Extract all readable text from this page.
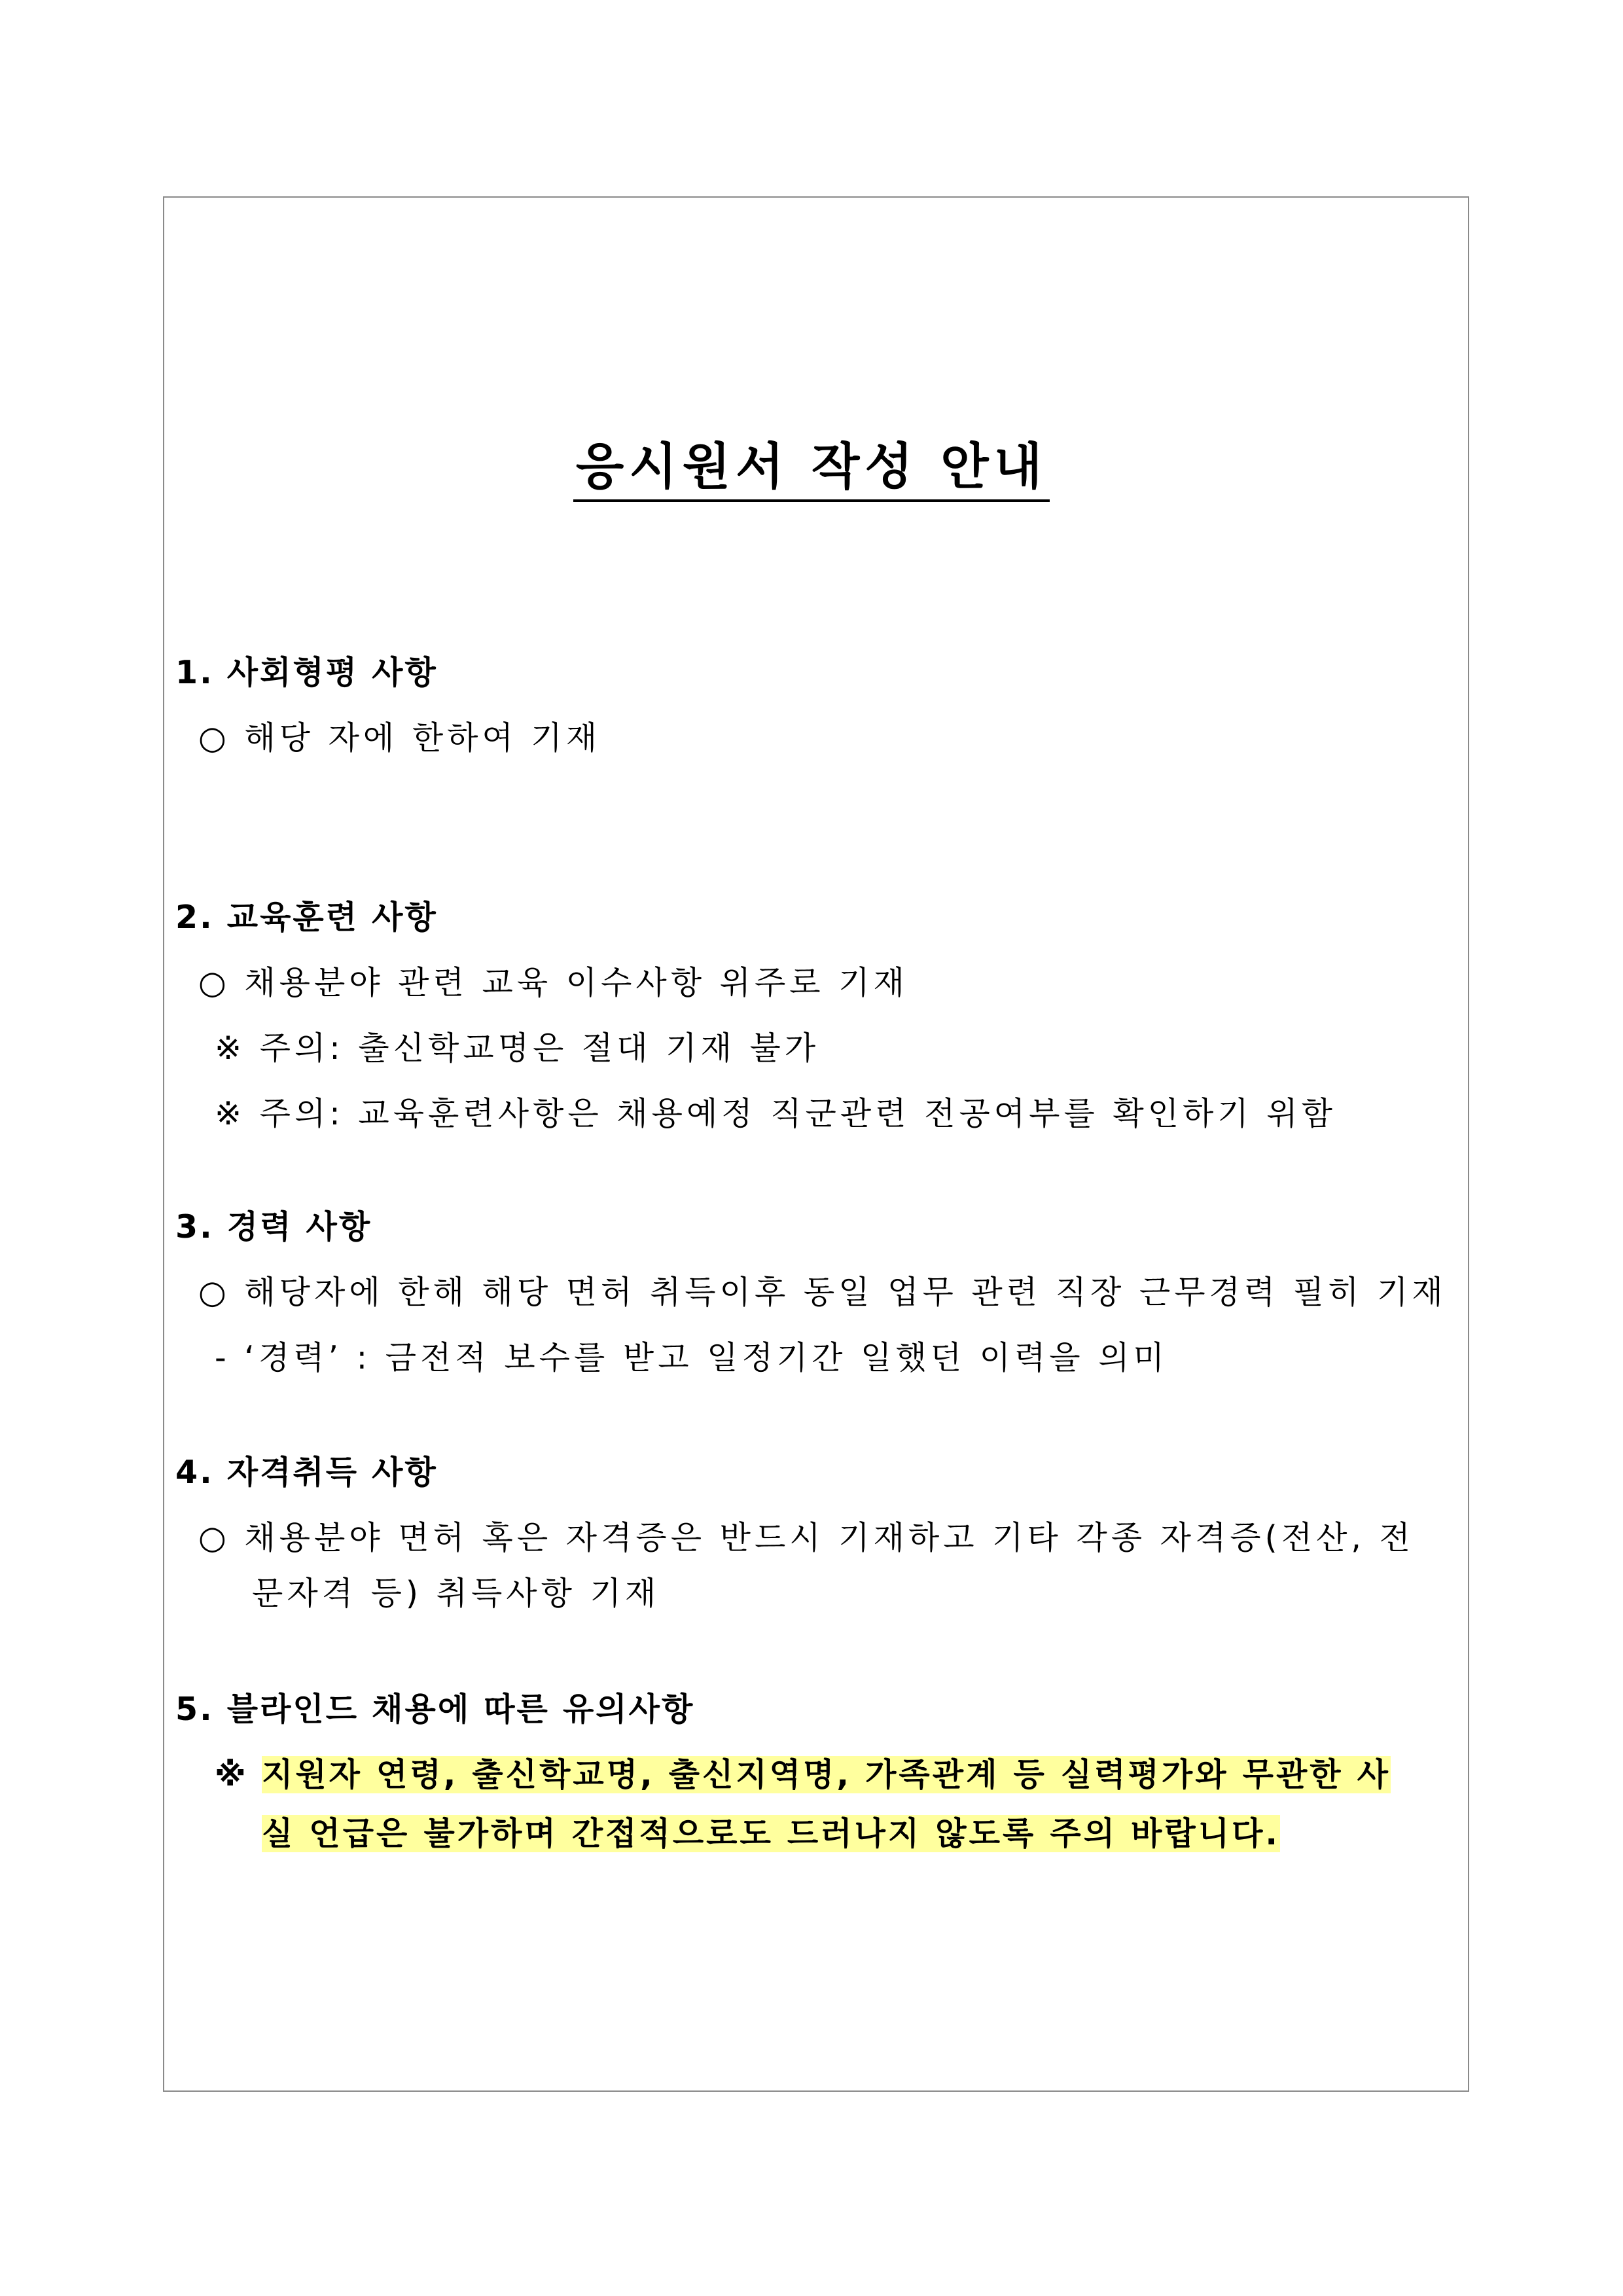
응시원서 작성 안내
1. 사회형평 사항
○ 해당 자에 한하여 기재
2. 교육훈련 사항
○ 채용분야 관련 교육 이수사항 위주로 기재
※ 주의: 출신학교명은 절대 기재 불가
※ 주의: 교육훈련사항은 채용예정 직군관련 전공여부를 확인하기 위함
3. 경력 사항
○ 해당자에 한해 해당 면허 취득이후 동일 업무 관련 직장 근무경력 필히 기재
- ‘경력’ : 금전적 보수를 받고 일정기간 일했던 이력을 의미
4. 자격취득 사항
○ 채용분야 면허 혹은 자격증은 반드시 기재하고 기타 각종 자격증(전산, 전
문자격 등) 취득사항 기재
5. 블라인드 채용에 따른 유의사항
※ 지원자 연령, 출신학교명, 출신지역명, 가족관계 등 실력평가와 무관한 사
실 언급은 불가하며 간접적으로도 드러나지 않도록 주의 바랍니다.
